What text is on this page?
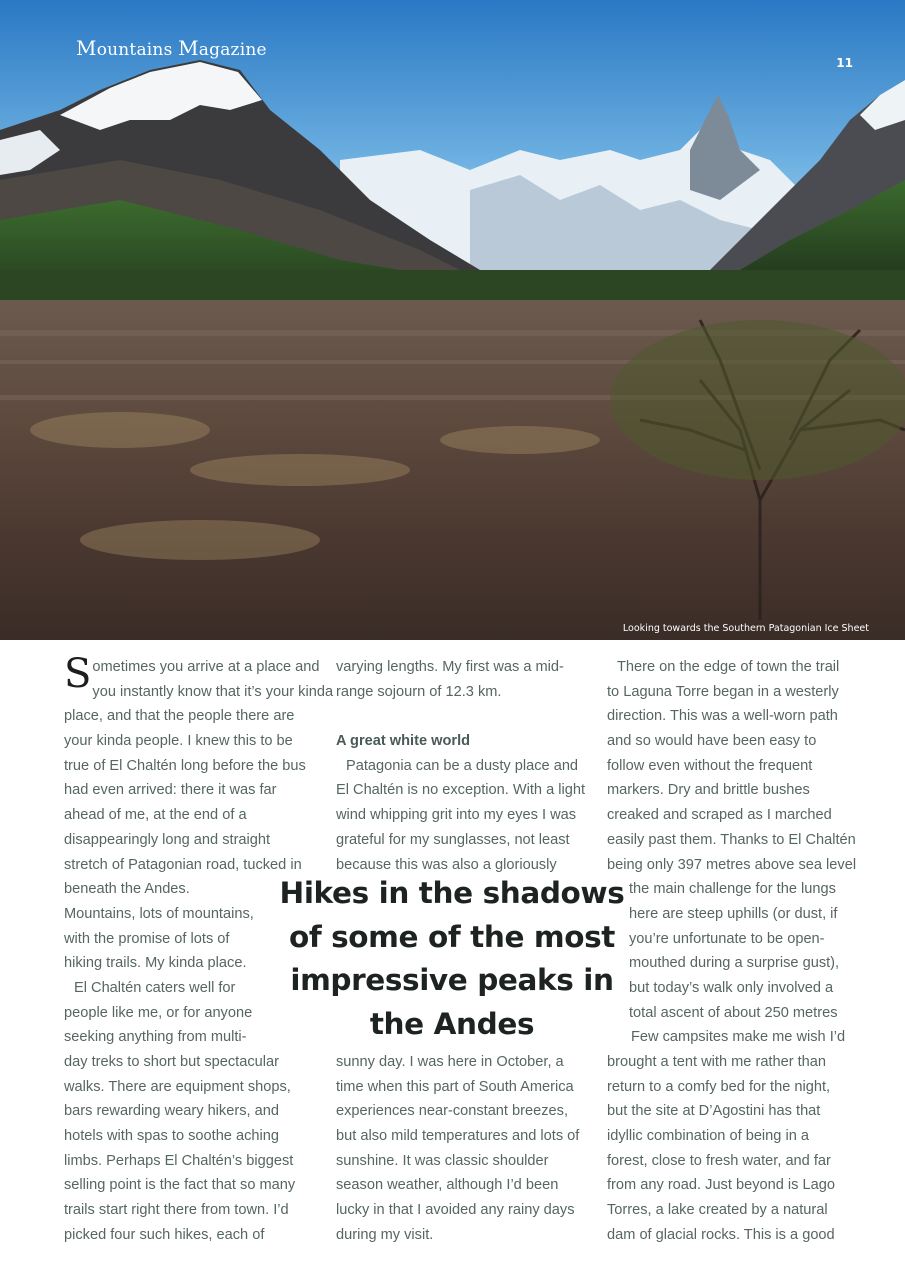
Mountains Magazine
11
Looking towards the Southern Patagonian Ice Sheet
S ometimes you arrive at a place and
you instantly know that it’s your kinda
place, and that the people there are
your kinda people. I knew this to be
true of El Chaltén long before the bus
had even arrived: there it was far
ahead of me, at the end of a
disappearingly long and straight
stretch of Patagonian road, tucked in
beneath the Andes.
Mountains, lots of mountains,
with the promise of lots of
hiking trails. My kinda place.
El Chaltén caters well for
people like me, or for anyone
seeking anything from multi-
day treks to short but spectacular
walks. There are equipment shops,
bars rewarding weary hikers, and
hotels with spas to soothe aching
limbs. Perhaps El Chaltén’s biggest
selling point is the fact that so many
trails start right there from town. I’d
picked four such hikes, each of
varying lengths. My first was a mid-
range sojourn of 12.3 km.
A great white world
Patagonia can be a dusty place and
El Chaltén is no exception. With a light
wind whipping grit into my eyes I was
grateful for my sunglasses, not least
because this was also a gloriously
sunny day. I was here in October, a
time when this part of South America
experiences near-constant breezes,
but also mild temperatures and lots of
sunshine. It was classic shoulder
season weather, although I’d been
lucky in that I avoided any rainy days
during my visit.
There on the edge of town the trail
to Laguna Torre began in a westerly
direction. This was a well-worn path
and so would have been easy to
follow even without the frequent
markers. Dry and brittle bushes
creaked and scraped as I marched
easily past them. Thanks to El Chaltén
being only 397 metres above sea level
the main challenge for the lungs
here are steep uphills (or dust, if
you’re unfortunate to be open-
mouthed during a surprise gust),
but today’s walk only involved a
total ascent of about 250 metres
Few campsites make me wish I’d
brought a tent with me rather than
return to a comfy bed for the night,
but the site at D’Agostini has that
idyllic combination of being in a
forest, close to fresh water, and far
from any road. Just beyond is Lago
Torres, a lake created by a natural
dam of glacial rocks. This is a good
Hikes in the shadows
of some of the most
impressive peaks in
the Andes
